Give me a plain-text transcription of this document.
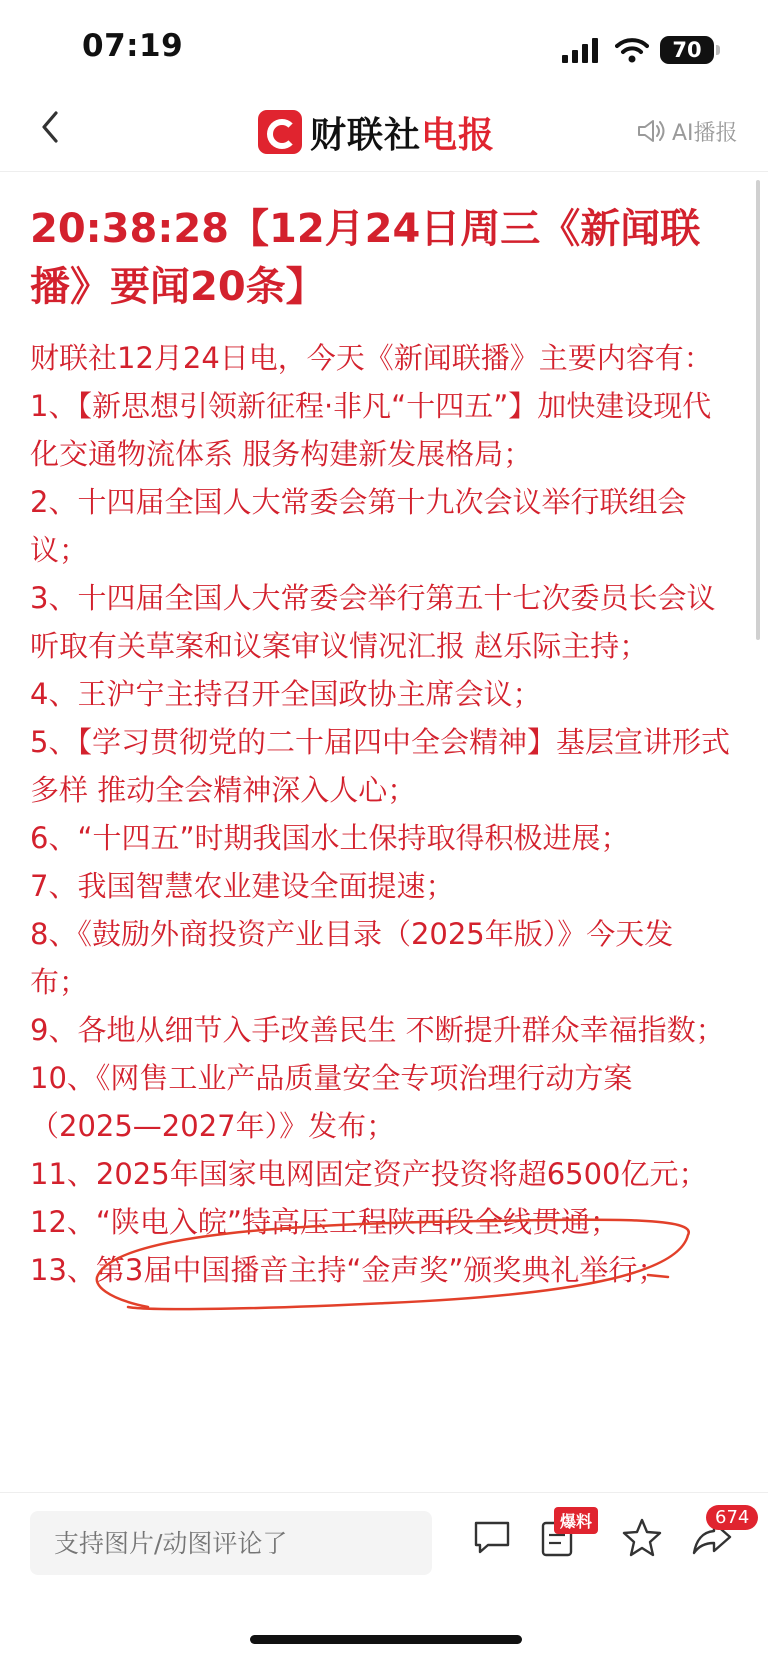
07:19	70
财联社 电报	AI播报

20:38:28【12月24日周三《新闻联播》要闻20条】

财联社12月24日电，今天《新闻联播》主要内容有：

1、【新思想引领新征程·非凡“十四五”】加快建设现代化交通物流体系 服务构建新发展格局；

2、十四届全国人大常委会第十九次会议举行联组会议；

3、十四届全国人大常委会举行第五十七次委员长会议 听取有关草案和议案审议情况汇报 赵乐际主持；

4、王沪宁主持召开全国政协主席会议；

5、【学习贯彻党的二十届四中全会精神】基层宣讲形式多样 推动全会精神深入人心；

6、“十四五”时期我国水土保持取得积极进展；

7、我国智慧农业建设全面提速；

8、《鼓励外商投资产业目录（2025年版）》今天发布；

9、各地从细节入手改善民生 不断提升群众幸福指数；

10、《网售工业产品质量安全专项治理行动方案（2025—2027年）》发布；

11、2025年国家电网固定资产投资将超6500亿元；

12、“陕电入皖”特高压工程陕西段全线贯通；

13、第3届中国播音主持“金声奖”颁奖典礼举行；

支持图片/动图评论了
爆料	674
